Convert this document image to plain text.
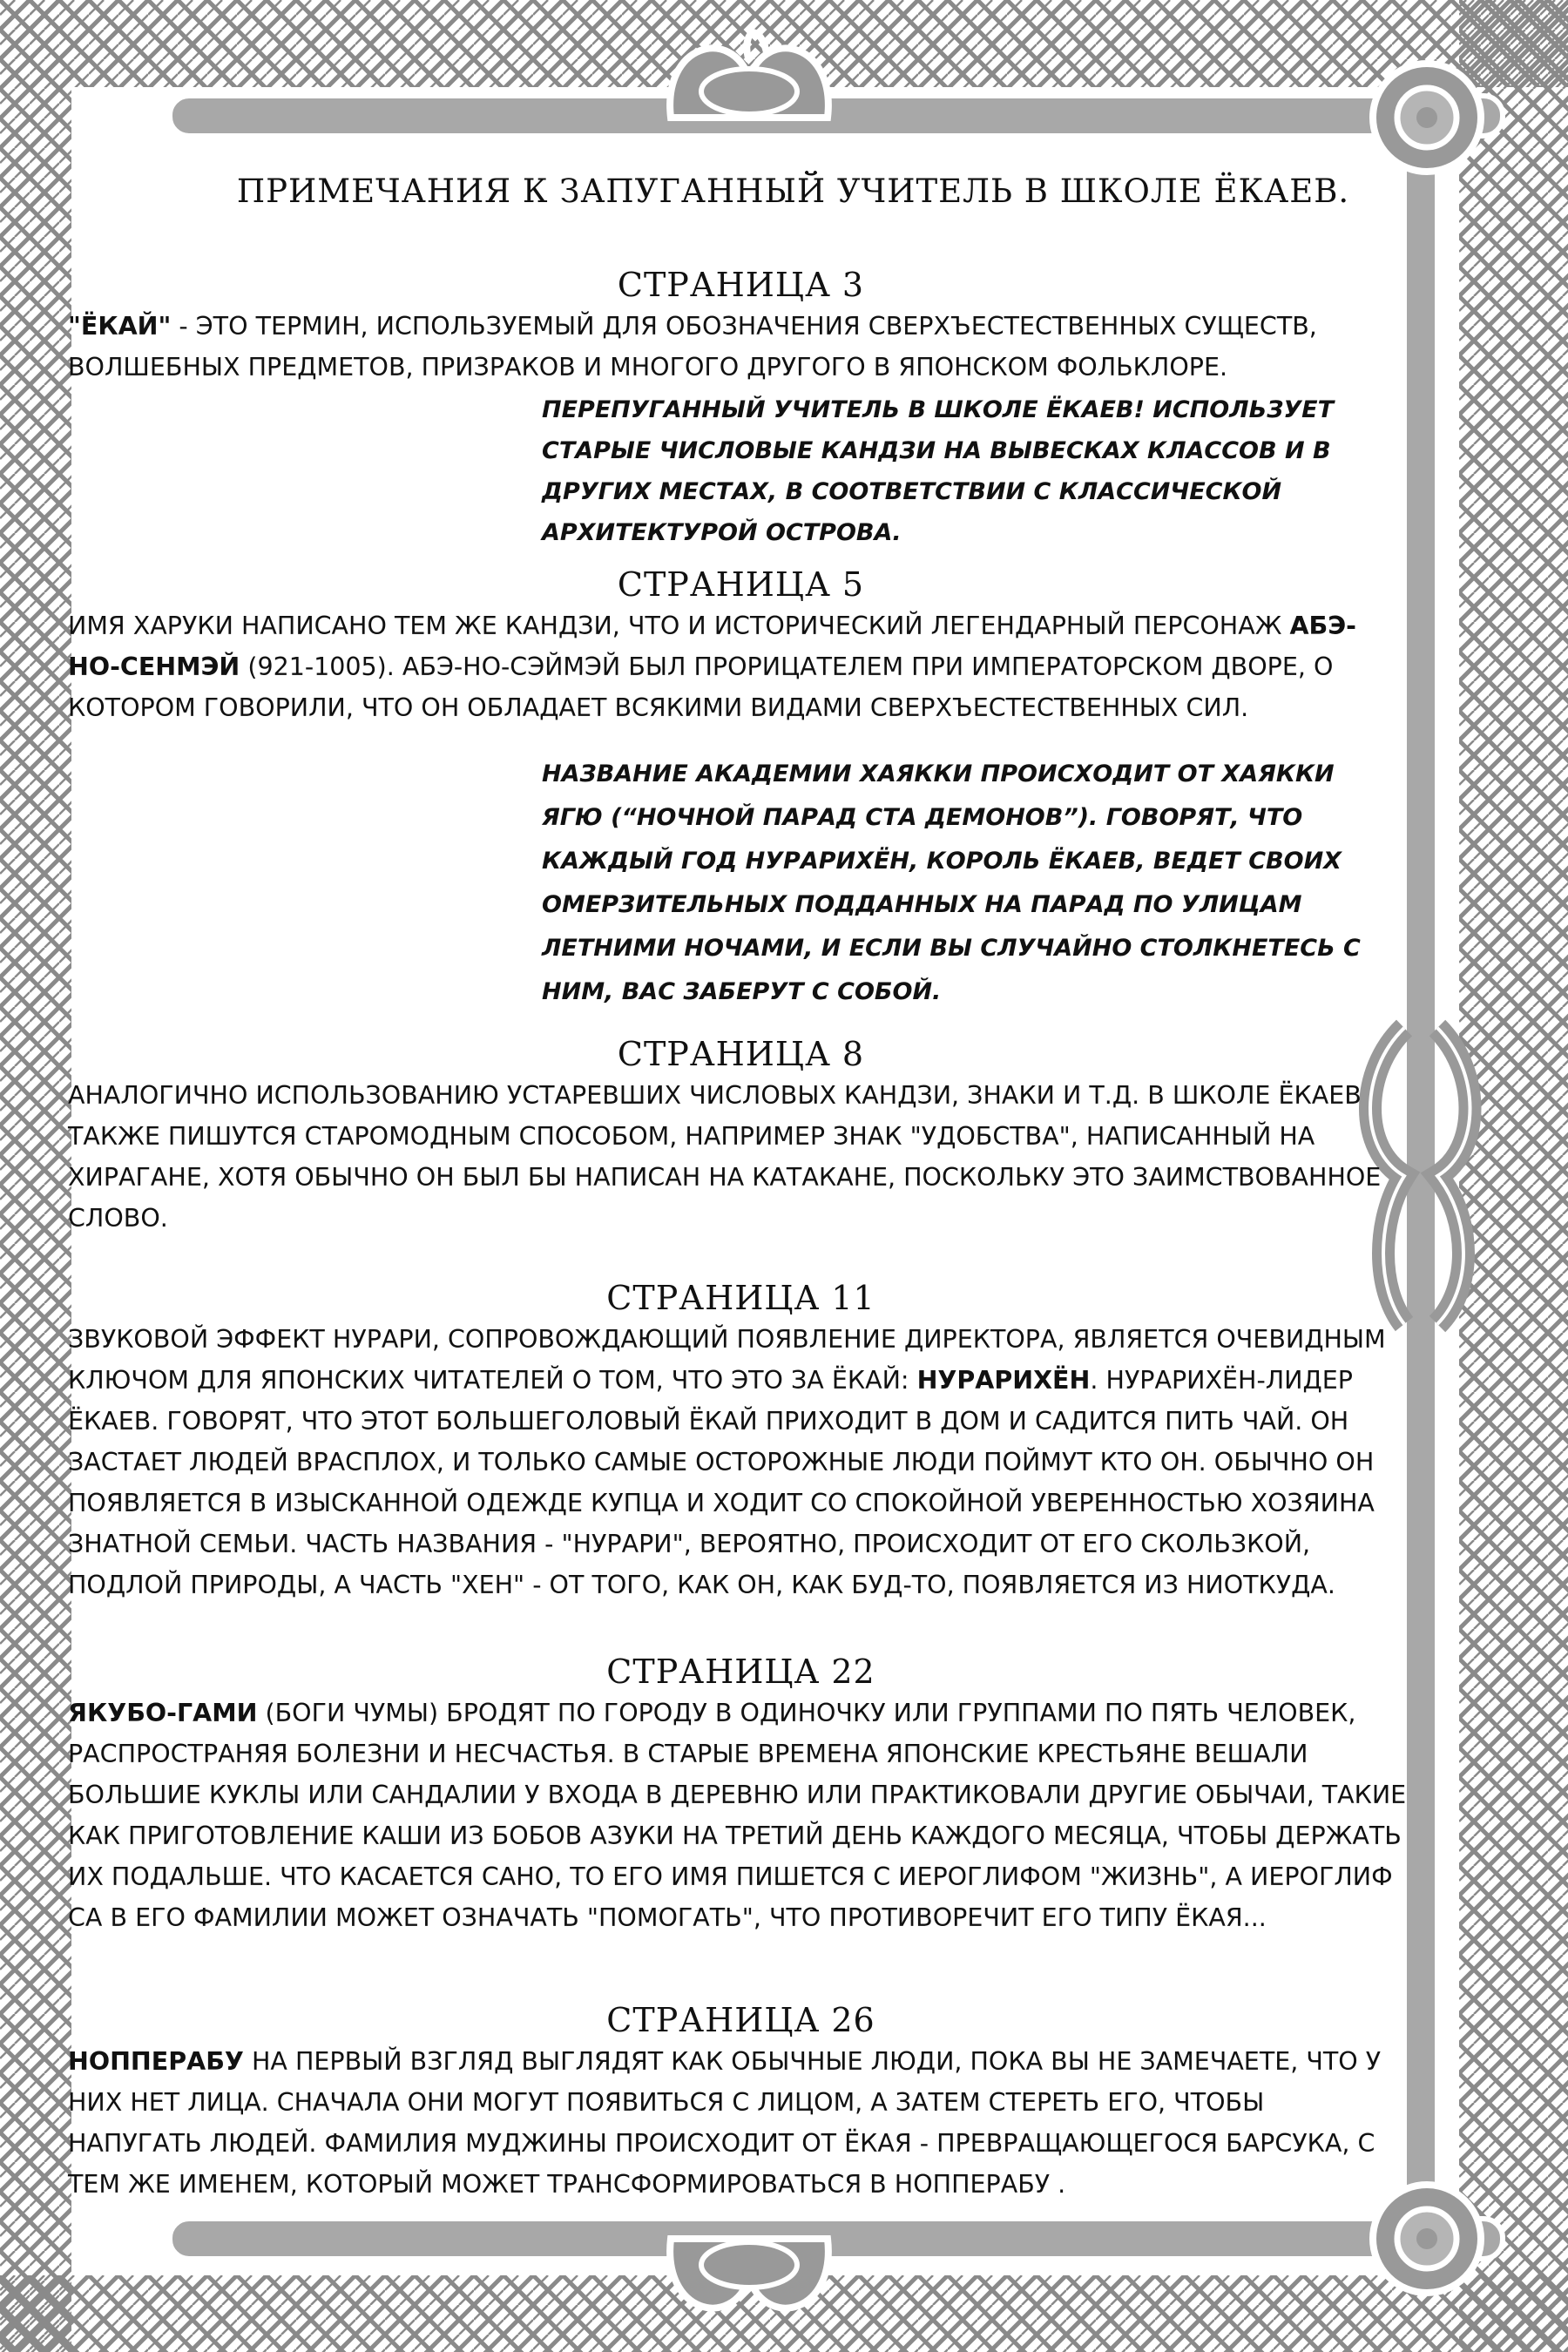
ПРИМЕЧАНИЯ К ЗАПУГАННЫЙ УЧИТЕЛЬ В ШКОЛЕ ЁКАЕВ.
СТРАНИЦА 3

"ЁКАЙ" - ЭТО ТЕРМИН, ИСПОЛЬЗУЕМЫЙ ДЛЯ ОБОЗНАЧЕНИЯ СВЕРХЪЕСТЕСТВЕННЫХ СУЩЕСТВ, ВОЛШЕБНЫХ ПРЕДМЕТОВ, ПРИЗРАКОВ И МНОГОГО ДРУГОГО В ЯПОНСКОМ ФОЛЬКЛОРЕ.

ПЕРЕПУГАННЫЙ УЧИТЕЛЬ В ШКОЛЕ ЁКАЕВ! ИСПОЛЬЗУЕТ СТАРЫЕ ЧИСЛОВЫЕ КАНДЗИ НА ВЫВЕСКАХ КЛАССОВ И В ДРУГИХ МЕСТАХ, В СООТВЕТСТВИИ С КЛАССИЧЕСКОЙ АРХИТЕКТУРОЙ ОСТРОВА.

СТРАНИЦА 5

ИМЯ ХАРУКИ НАПИСАНО ТЕМ ЖЕ КАНДЗИ, ЧТО И ИСТОРИЧЕСКИЙ ЛЕГЕНДАРНЫЙ ПЕРСОНАЖ АБЭ-НО-СЕНМЭЙ (921-1005). АБЭ-НО-СЭЙМЭЙ БЫЛ ПРОРИЦАТЕЛЕМ ПРИ ИМПЕРАТОРСКОМ ДВОРЕ, О КОТОРОМ ГОВОРИЛИ, ЧТО ОН ОБЛАДАЕТ ВСЯКИМИ ВИДАМИ СВЕРХЪЕСТЕСТВЕННЫХ СИЛ.

НАЗВАНИЕ АКАДЕМИИ ХАЯККИ ПРОИСХОДИТ ОТ ХАЯККИ ЯГЮ (“НОЧНОЙ ПАРАД СТА ДЕМОНОВ”). ГОВОРЯТ, ЧТО КАЖДЫЙ ГОД НУРАРИХЁН, КОРОЛЬ ЁКАЕВ, ВЕДЕТ СВОИХ ОМЕРЗИТЕЛЬНЫХ ПОДДАННЫХ НА ПАРАД ПО УЛИЦАМ ЛЕТНИМИ НОЧАМИ, И ЕСЛИ ВЫ СЛУЧАЙНО СТОЛКНЕТЕСЬ С НИМ, ВАС ЗАБЕРУТ С СОБОЙ.

СТРАНИЦА 8

АНАЛОГИЧНО ИСПОЛЬЗОВАНИЮ УСТАРЕВШИХ ЧИСЛОВЫХ КАНДЗИ, ЗНАКИ И Т.Д. В ШКОЛЕ ЁКАЕВ ТАКЖЕ ПИШУТСЯ СТАРОМОДНЫМ СПОСОБОМ, НАПРИМЕР ЗНАК "УДОБСТВА", НАПИСАННЫЙ НА ХИРАГАНЕ, ХОТЯ ОБЫЧНО ОН БЫЛ БЫ НАПИСАН НА КАТАКАНЕ, ПОСКОЛЬКУ ЭТО ЗАИМСТВОВАННОЕ СЛОВО.

СТРАНИЦА 11

ЗВУКОВОЙ ЭФФЕКТ НУРАРИ, СОПРОВОЖДАЮЩИЙ ПОЯВЛЕНИЕ ДИРЕКТОРА, ЯВЛЯЕТСЯ ОЧЕВИДНЫМ КЛЮЧОМ ДЛЯ ЯПОНСКИХ ЧИТАТЕЛЕЙ О ТОМ, ЧТО ЭТО ЗА ЁКАЙ: НУРАРИХЁН. НУРАРИХЁН-ЛИДЕР ЁКАЕВ. ГОВОРЯТ, ЧТО ЭТОТ БОЛЬШЕГОЛОВЫЙ ЁКАЙ ПРИХОДИТ В ДОМ И САДИТСЯ ПИТЬ ЧАЙ. ОН ЗАСТАЕТ ЛЮДЕЙ ВРАСПЛОХ, И ТОЛЬКО САМЫЕ ОСТОРОЖНЫЕ ЛЮДИ ПОЙМУТ КТО ОН. ОБЫЧНО ОН ПОЯВЛЯЕТСЯ В ИЗЫСКАННОЙ ОДЕЖДЕ КУПЦА И ХОДИТ СО СПОКОЙНОЙ УВЕРЕННОСТЬЮ ХОЗЯИНА ЗНАТНОЙ СЕМЬИ. ЧАСТЬ НАЗВАНИЯ - "НУРАРИ", ВЕРОЯТНО, ПРОИСХОДИТ ОТ ЕГО СКОЛЬЗКОЙ, ПОДЛОЙ ПРИРОДЫ, А ЧАСТЬ "ХЕН" - ОТ ТОГО, КАК ОН, КАК БУД-ТО, ПОЯВЛЯЕТСЯ ИЗ НИОТКУДА.

СТРАНИЦА 22

ЯКУБО-ГАМИ (БОГИ ЧУМЫ) БРОДЯТ ПО ГОРОДУ В ОДИНОЧКУ ИЛИ ГРУППАМИ ПО ПЯТЬ ЧЕЛОВЕК, РАСПРОСТРАНЯЯ БОЛЕЗНИ И НЕСЧАСТЬЯ. В СТАРЫЕ ВРЕМЕНА ЯПОНСКИЕ КРЕСТЬЯНЕ ВЕШАЛИ БОЛЬШИЕ КУКЛЫ ИЛИ САНДАЛИИ У ВХОДА В ДЕРЕВНЮ ИЛИ ПРАКТИКОВАЛИ ДРУГИЕ ОБЫЧАИ, ТАКИЕ КАК ПРИГОТОВЛЕНИЕ КАШИ ИЗ БОБОВ АЗУКИ НА ТРЕТИЙ ДЕНЬ КАЖДОГО МЕСЯЦА, ЧТОБЫ ДЕРЖАТЬ ИХ ПОДАЛЬШЕ. ЧТО КАСАЕТСЯ САНО, ТО ЕГО ИМЯ ПИШЕТСЯ С ИЕРОГЛИФОМ "ЖИЗНЬ", А ИЕРОГЛИФ СА В ЕГО ФАМИЛИИ МОЖЕТ ОЗНАЧАТЬ "ПОМОГАТЬ", ЧТО ПРОТИВОРЕЧИТ ЕГО ТИПУ ЁКАЯ...

СТРАНИЦА 26

НОППЕРАБУ НА ПЕРВЫЙ ВЗГЛЯД ВЫГЛЯДЯТ КАК ОБЫЧНЫЕ ЛЮДИ, ПОКА ВЫ НЕ ЗАМЕЧАЕТЕ, ЧТО У НИХ НЕТ ЛИЦА. СНАЧАЛА ОНИ МОГУТ ПОЯВИТЬСЯ С ЛИЦОМ, А ЗАТЕМ СТЕРЕТЬ ЕГО, ЧТОБЫ НАПУГАТЬ ЛЮДЕЙ. ФАМИЛИЯ МУДЖИНЫ ПРОИСХОДИТ ОТ ЁКАЯ - ПРЕВРАЩАЮЩЕГОСЯ БАРСУКА, С ТЕМ ЖЕ ИМЕНЕМ, КОТОРЫЙ МОЖЕТ ТРАНСФОРМИРОВАТЬСЯ В НОППЕРАБУ .
